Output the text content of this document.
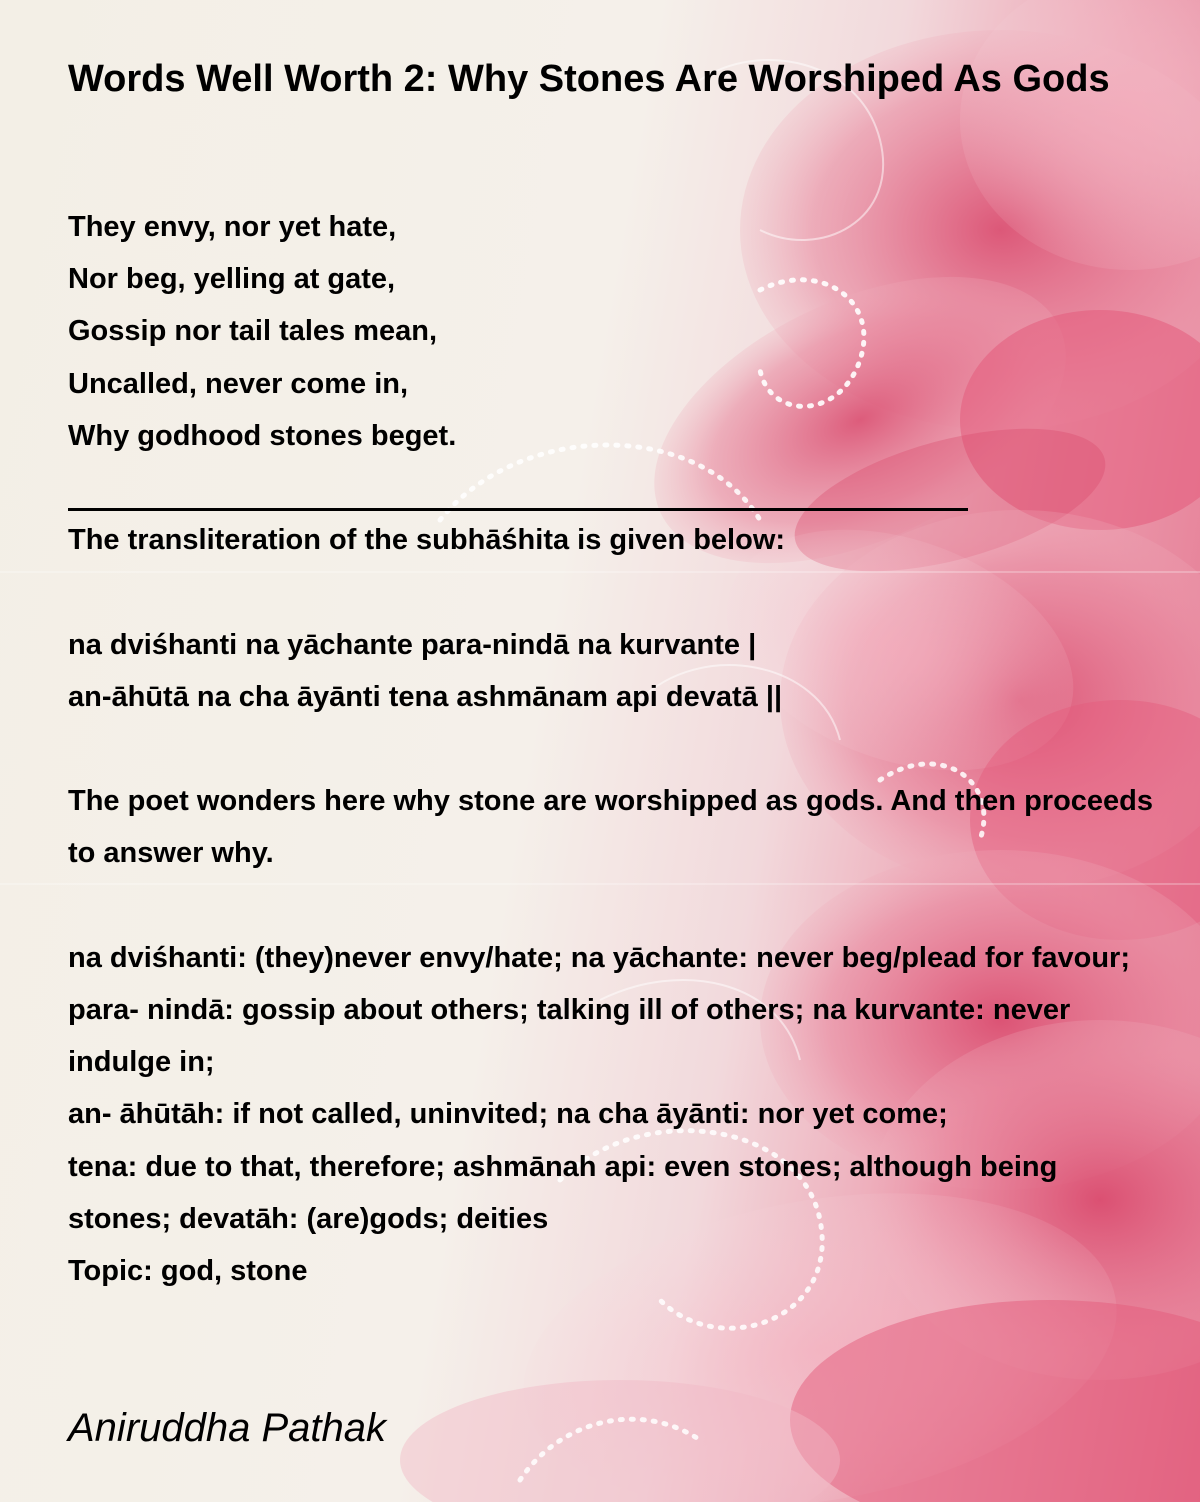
Words Well Worth 2: Why Stones Are Worshiped As Gods
They envy, nor yet hate,
Nor beg, yelling at gate,
Gossip nor tail tales mean,
Uncalled, never come in,
Why godhood stones beget.
The transliteration of the subhāśhita is given below:
na dviśhanti na yāchante para-nindā na kurvante |
an-āhūtā na cha āyānti tena ashmānam api devatā ||
The poet wonders here why stone are worshipped as gods. And then proceeds to answer why.
na dviśhanti: (they)never envy/hate; na yāchante: never beg/plead for favour;
para- nindā: gossip about others; talking ill of others; na kurvante: never indulge in;
an- āhūtāh: if not called, uninvited; na cha āyānti: nor yet come;
tena: due to that, therefore; ashmānah api: even stones; although being stones; devatāh: (are)gods; deities
Topic: god, stone
Aniruddha Pathak
